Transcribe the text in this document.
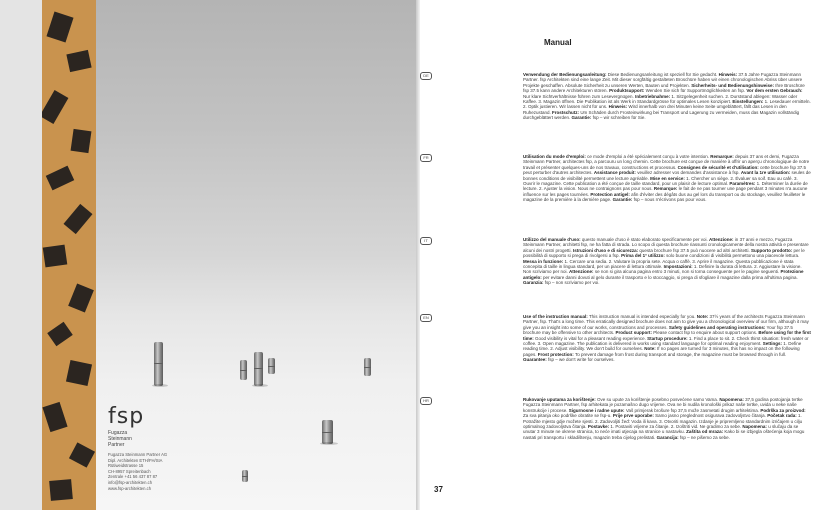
fsp
Fugazza
Steinmann
Partner
Fugazza Steinmann Partner AG
Dipl. Architekten ETH/FH/SIA
Rütiweidstrasse 15
CH-8957 Spreitenbach
Zentrale +41 56 437 87 87
info@fsp-architekten.ch
www.fsp-architekten.ch
Manual
DE	Verwendung der Bedienungsanleitung: Diese Bedienungsanleitung ist speziell für Sie gedacht. Hinweis: 37.5 Jahre Fugazza Steinmann Partner. fsp Architekten sind eine lange Zeit. Mit dieser sorgfältig gestalteten Broschüre haben wir einen chronologischen Abriss über unsere Projekte geschaffen. Absolute Sicherheit zu unseren Werten, Bauten und Projekten. Sicherheits- und Bedienungshinweise: Ihre Broschüre fsp 37.5 kann andere Architekturen stören. Produktsupport: Wenden Sie sich für Supportmöglichkeiten an fsp. Vor dem ersten Gebrauch: Nur klare Sichtverhältnisse führen zum Lesevergnügen. Inbetriebnahme: 1. Sitzgelegenheit suchen. 2. Durststand ablegen: Wasser oder Kaffee. 3. Magazin öffnen. Die Publikation ist als Werk in Standardgrösse für optimales Lesen konzipiert. Einstellungen: 1. Lesedauer ermitteln. 2. Optik justieren. Wir lassen nicht für uns. Hinweis: Wird innerhalb von drei Minuten keine Seite umgeblättert, fällt das Lesen in den Ruhezustand. Frostschutz: Um Schäden durch Frosteinwirkung bei Transport und Lagerung zu vermeiden, muss das Magazin vollständig durchgeblättert werden. Garantie: fsp – wir schreiben für Sie.

FR	Utilisation du mode d'emploi: ce mode d'emploi a été spécialement conçu à votre intention. Remarque: depuis 37 ans et demi, Fugazza Steinmann Partner, architectes fsp, a parcouru un long chemin. Cette brochure est conçue de manière à offrir un aperçu chronologique de notre travail et présenter quelques-uns de nos travaux, constructions et processus. Consignes de sécurité et d'utilisation: cette brochure fsp 37.5 peut perturber d'autres architectes. Assistance produit: veuillez adresser vos demandes d'assistance à fsp. Avant la 1re utilisation: seules de bonnes conditions de visibilité permettent une lecture agréable. Mise en service: 1. Chercher un siège. 2. Évaluer sa soif. Eau ou café. 3. Ouvrir le magazine. Cette publication a été conçue de taille standard, pour un plaisir de lecture optimal. Paramètres: 1. Déterminer la durée de lecture. 2. Ajuster la vision. Nous ne contraignons pas pour nous. Remarque: le fait de ne pas tourner une page pendant 3 minutes n'a aucune influence sur les pages tournées. Protection antigel: afin d'éviter des dégâts dus au gel lors du transport ou du stockage, veuillez feuilleter le magazine de la première à la dernière page. Garantie: fsp – nous n'écrivons pas pour vous.

IT	Utilizzo del manuale d'uso: questo manuale d'uso è stato elaborato specificamente per voi. Attenzione: in 37 anni e mezzo, Fugazza Steinmann Partner, architetti fsp, ne ha fatta di strada. Lo scopo di questa brochure riassunti cronologicamente della nostra attività e presentare alcuni dei nostri progetti. Istruzioni d'uso e di sicurezza: questa brochure fsp 37.5 può nuocere ad altri architetti. Supporto prodotto: per le possibilità di supporto si prega di rivolgersi a fsp. Prima del 1° utilizzo: solo buone condizioni di visibilità permettono una piacevole lettura. Messa in funzione: 1. Cercare una sedia. 2. Valutare la propria sete. Acqua o caffè. 3. Aprire il magazine. Questa pubblicazione è stata concepita di taille in lingua standard, per un piacere di lettura ottimale. Impostazioni: 1. Definire la durata di lettura. 2. Aggiustare la visione. Non scriviamo per noi. Attenzione: se non si gira alcuna pagina entro 3 minuti, non si torna conseguente per le pagine seguenti. Protezione antigelo: per evitare danni dovuti al gelo durante il trasporto e lo stoccaggio, si prega di sfogliare il magazine dalla prima all'ultima pagina. Garanzia: fsp – non scriviamo per voi.

EN	Use of the instruction manual: This instruction manual is intended especially for you. Note: 37½ years of the architects Fugazza Steinmann Partner, fsp. That's a long time. This erratically designed brochure does not aim to give you a chronological overview of our firm, although it may give you an insight into some of our works, constructions and processes. Safety guidelines and operating instructions: Your fsp 37.5 brochure may be offensive to other architects. Product support: Please contact fsp to enquire about support options. Before using for the first time: Good visibility is vital for a pleasant reading experience. Startup procedure: 1. Find a place to sit. 2. Check thirst situation: fresh water or coffee. 3. Open magazine. The publication is delivered in works using standard language for optimal reading enjoyment. Settings: 1. Define reading time. 2. Adjust visibility. We don't build for ourselves. Note: If no pages are turned for 3 minutes, this has no impact on the following pages. Frost protection: To prevent damage from frost during transport and storage, the magazine must be browsed through in full. Guarantee: fsp – we don't write for ourselves.

HR	Rukovanje uputama za korištenje: Ove su upute za korištenje posebno posvećene samo Vama. Napomena: 37,5 godina postojanja tvrtke Fugazza Steinmann Partner, fsp arhitekata je pozamašno dugo vrijeme. Ova ne bi nudila kronološki prikaz naše tvrtke, uvida u neke naše konstrukcije i procese. Sigurnosne i radne upute: Vaš primjerak brošure fsp 37,5 može zasmetati drugim arhitektima. Podrška za proizvod: Za sva pitanja oko podrške obratite se fsp-u. Prije prve uporabe: Samo jasno preglednost osigurava zadovoljstvo čitanja. Početak rada: 1. Potražite mjesto gdje možete sjesti. 2. Zadovoljiti žeđ: Voda ili kava. 3. Otvoriti magazin. Izdanje je pripremljeno standardnim izričajem u cilju optimalnog zadovoljstva čitanja. Postavke: 1. Postaviti vrijeme za čitanje. 2. Izoštriti vid. Ne gradimo za sebe. Napomena: u slučaju da se unutar 3 minute ne okrene stranica, to neće imati utjecaja na stranice u nastavku. Zaštita od mraza: Kako bi se izbjegla oštećenja koja mogu nastati pri transportu i skladištenju, magazin treba cijelog prelistati. Garancija: fsp – ne pišemo za sebe.

37
